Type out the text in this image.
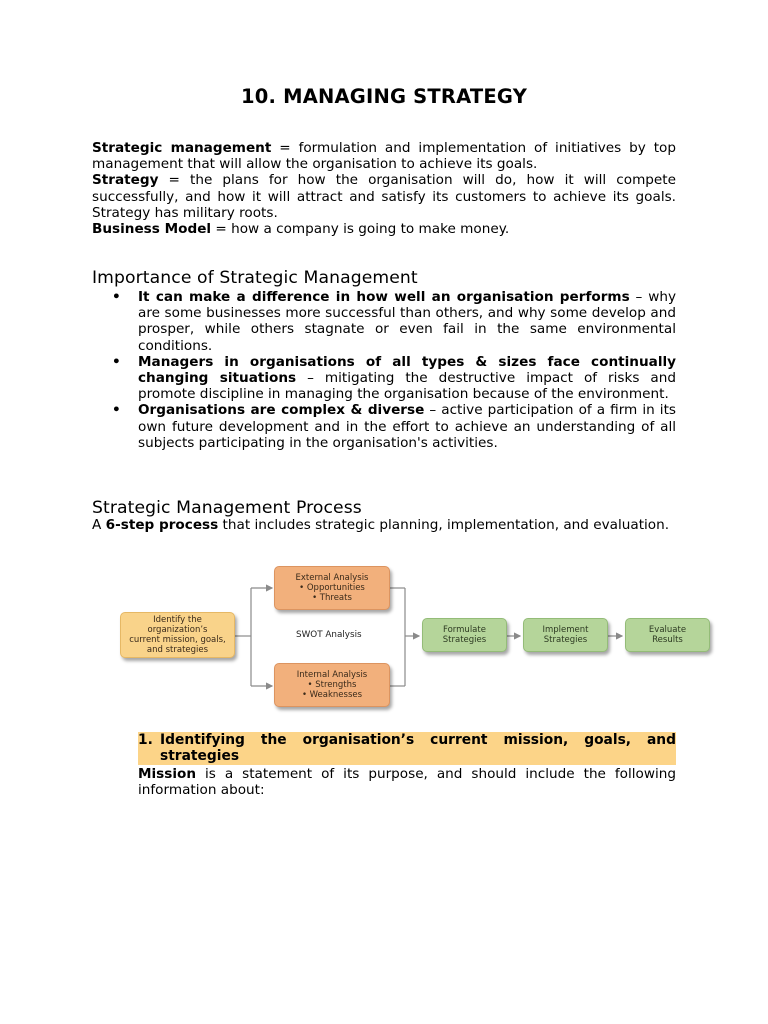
10. MANAGING STRATEGY

Strategic management = formulation and implementation of initiatives by top management that will allow the organisation to achieve its goals.

Strategy = the plans for how the organisation will do, how it will compete successfully, and how it will attract and satisfy its customers to achieve its goals. Strategy has military roots.

Business Model = how a company is going to make money.

Importance of Strategic Management
• It can make a difference in how well an organisation performs – why are some businesses more successful than others, and why some develop and prosper, while others stagnate or even fail in the same environmental conditions.

• Managers in organisations of all types & sizes face continually changing situations – mitigating the destructive impact of risks and promote discipline in managing the organisation because of the environment.

• Organisations are complex & diverse – active participation of a firm in its own future development and in the effort to achieve an understanding of all subjects participating in the organisation's activities.

Strategic Management Process

A 6-step process that includes strategic planning, implementation, and evaluation.

Identify the
organization’s
current mission, goals,
and strategies
External Analysis
• Opportunities
• Threats
SWOT Analysis
Internal Analysis
• Strengths
• Weaknesses
Formulate
Strategies
Implement
Strategies
Evaluate
Results
1. Identifying the organisation’s current mission, goals, and strategies

Mission is a statement of its purpose, and should include the following information about:
